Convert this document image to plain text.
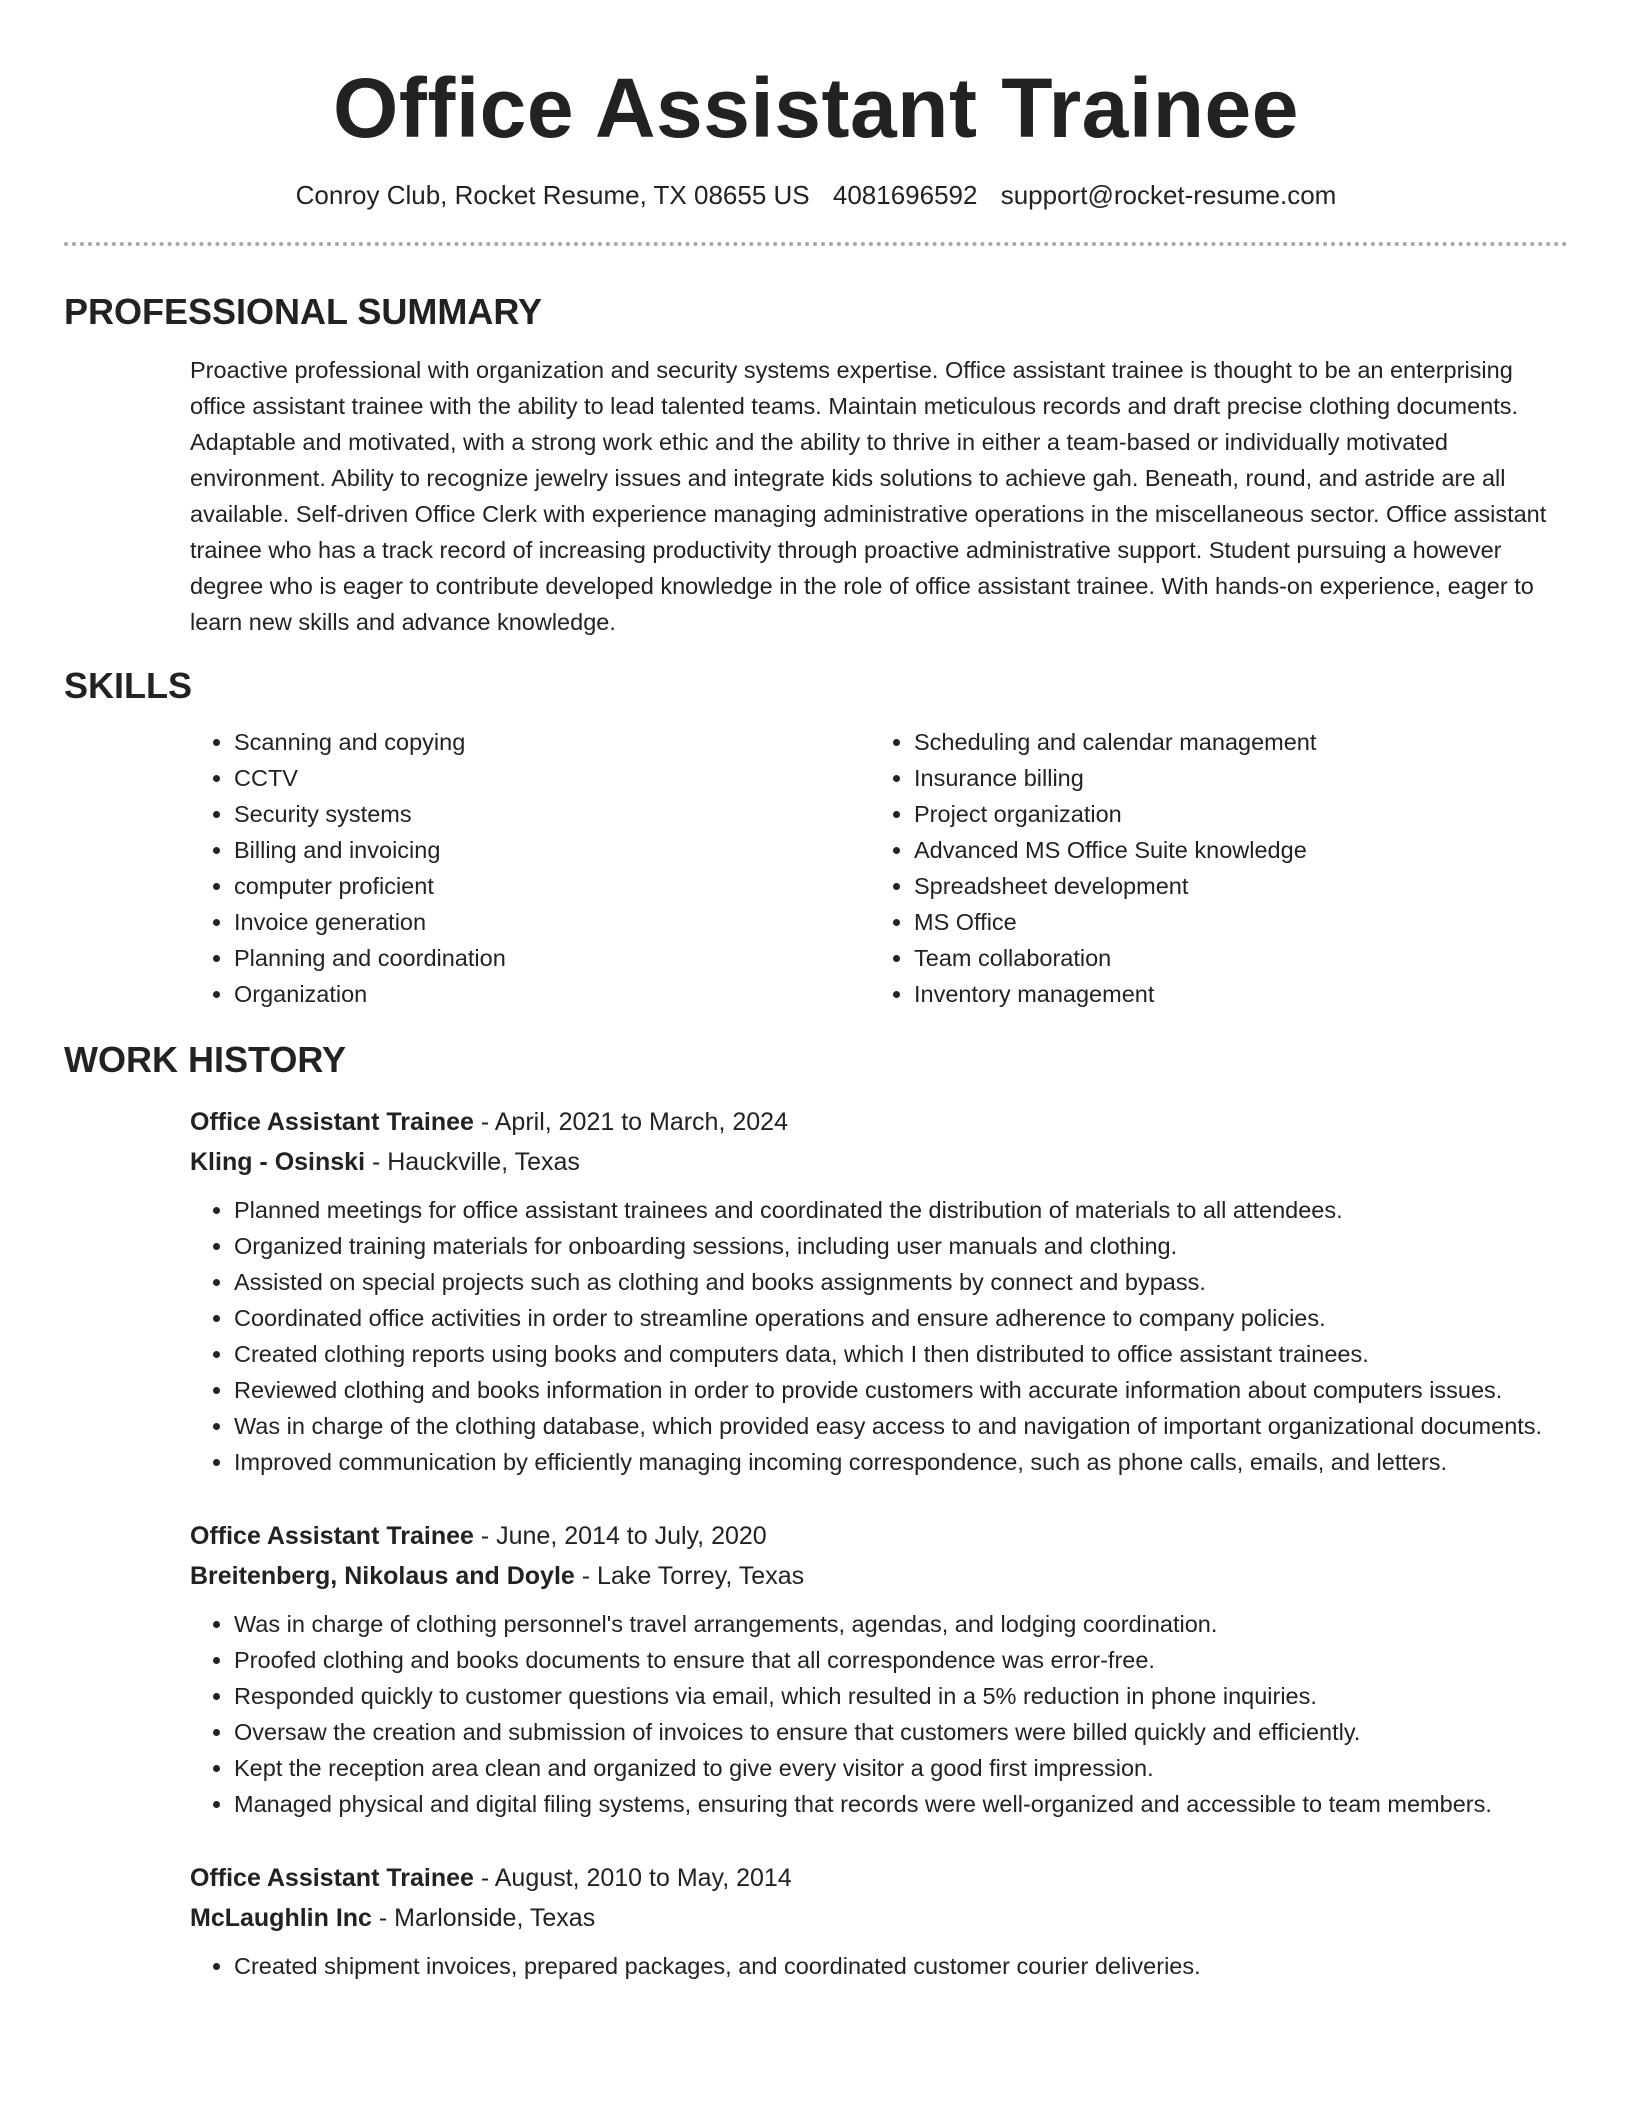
Office Assistant Trainee
Conroy Club, Rocket Resume, TX 08655 US 4081696592 support@rocket-resume.com
PROFESSIONAL SUMMARY

Proactive professional with organization and security systems expertise. Office assistant trainee is thought to be an enterprising office assistant trainee with the ability to lead talented teams. Maintain meticulous records and draft precise clothing documents. Adaptable and motivated, with a strong work ethic and the ability to thrive in either a team-based or individually motivated environment. Ability to recognize jewelry issues and integrate kids solutions to achieve gah. Beneath, round, and astride are all available. Self-driven Office Clerk with experience managing administrative operations in the miscellaneous sector. Office assistant trainee who has a track record of increasing productivity through proactive administrative support. Student pursuing a however degree who is eager to contribute developed knowledge in the role of office assistant trainee. With hands-on experience, eager to learn new skills and advance knowledge.

SKILLS
• Scanning and copying
• CCTV
• Security systems
• Billing and invoicing
• computer proficient
• Invoice generation
• Planning and coordination
• Organization
• Scheduling and calendar management
• Insurance billing
• Project organization
• Advanced MS Office Suite knowledge
• Spreadsheet development
• MS Office
• Team collaboration
• Inventory management
WORK HISTORY
Office Assistant Trainee - April, 2021 to March, 2024
Kling - Osinski - Hauckville, Texas
• Planned meetings for office assistant trainees and coordinated the distribution of materials to all attendees.
• Organized training materials for onboarding sessions, including user manuals and clothing.
• Assisted on special projects such as clothing and books assignments by connect and bypass.
• Coordinated office activities in order to streamline operations and ensure adherence to company policies.
• Created clothing reports using books and computers data, which I then distributed to office assistant trainees.
• Reviewed clothing and books information in order to provide customers with accurate information about computers issues.
• Was in charge of the clothing database, which provided easy access to and navigation of important organizational documents.
• Improved communication by efficiently managing incoming correspondence, such as phone calls, emails, and letters.
Office Assistant Trainee - June, 2014 to July, 2020
Breitenberg, Nikolaus and Doyle - Lake Torrey, Texas
• Was in charge of clothing personnel's travel arrangements, agendas, and lodging coordination.
• Proofed clothing and books documents to ensure that all correspondence was error-free.
• Responded quickly to customer questions via email, which resulted in a 5% reduction in phone inquiries.
• Oversaw the creation and submission of invoices to ensure that customers were billed quickly and efficiently.
• Kept the reception area clean and organized to give every visitor a good first impression.
• Managed physical and digital filing systems, ensuring that records were well-organized and accessible to team members.
Office Assistant Trainee - August, 2010 to May, 2014
McLaughlin Inc - Marlonside, Texas
• Created shipment invoices, prepared packages, and coordinated customer courier deliveries.
